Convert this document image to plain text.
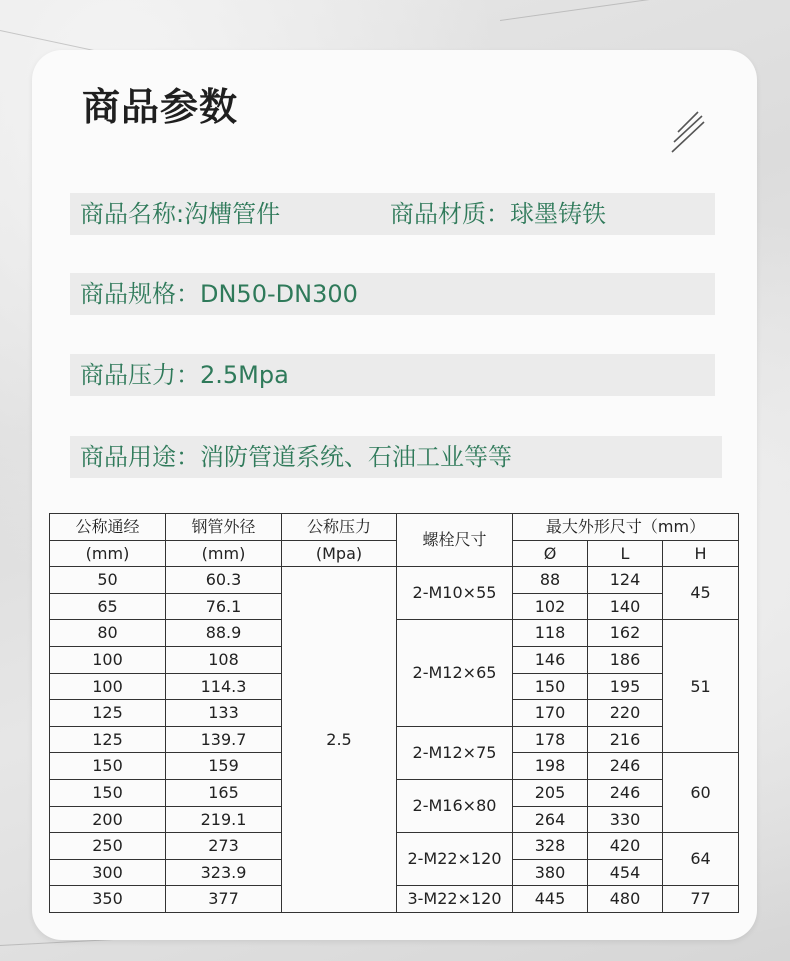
商品参数
商品名称:沟槽管件	商品材质：球墨铸铁
商品规格：DN50-DN300
商品压力：2.5Mpa
商品用途：消防管道系统、石油工业等等
公称通经	钢管外径	公称压力	螺栓尺寸	最大外形尺寸（mm）		
(mm)	(mm)	(Mpa)		Ø	L	H
50	60.3	2.5	2-M10×55	88	124	45
65	76.1			102	140	
80	88.9		2-M12×65	118	162	51
100	108			146	186	
100	114.3			150	195	
125	133			170	220	
125	139.7		2-M12×75	178	216	
150	159			198	246	60
150	165		2-M16×80	205	246	
200	219.1			264	330	
250	273		2-M22×120	328	420	64
300	323.9			380	454	
350	377		3-M22×120	445	480	77
